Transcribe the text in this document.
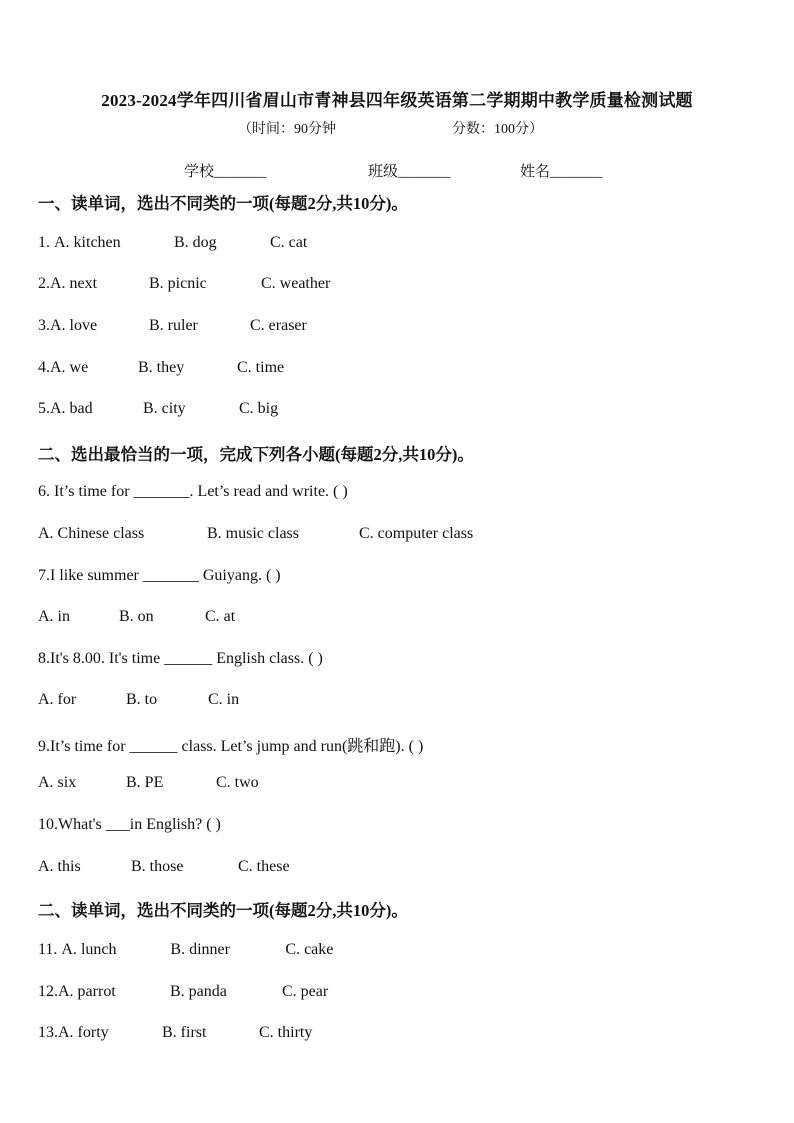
2023-2024学年四川省眉山市青神县四年级英语第二学期期中教学质量检测试题
（时间：90分钟	分数：100分）
学校_______	班级_______	姓名_______
一、读单词，选出不同类的一项(每题2分,共10分)。
1. A. kitchen	B. dog	C. cat
2.A. next	B. picnic	C. weather
3.A. love	B. ruler	C. eraser
4.A. we	B. they	C. time
5.A. bad	B. city	C. big
二、选出最恰当的一项，完成下列各小题(每题2分,共10分)。
6. It’s time for _______. Let’s read and write. ( )
A. Chinese class	B. music class	C. computer class
7.I like summer _______ Guiyang. ( )
A. in	B. on	C. at
8.It's 8.00. It's time ______ English class. ( )
A. for	B. to	C. in
9.It’s time for ______ class. Let’s jump and run(跳和跑). ( )
A. six	B. PE	C. two
10.What's ___in English? ( )
A. this	B. those	C. these
二、读单词，选出不同类的一项(每题2分,共10分)。
11. A. lunch	B. dinner	C. cake
12.A. parrot	B. panda	C. pear
13.A. forty	B. first	C. thirty
